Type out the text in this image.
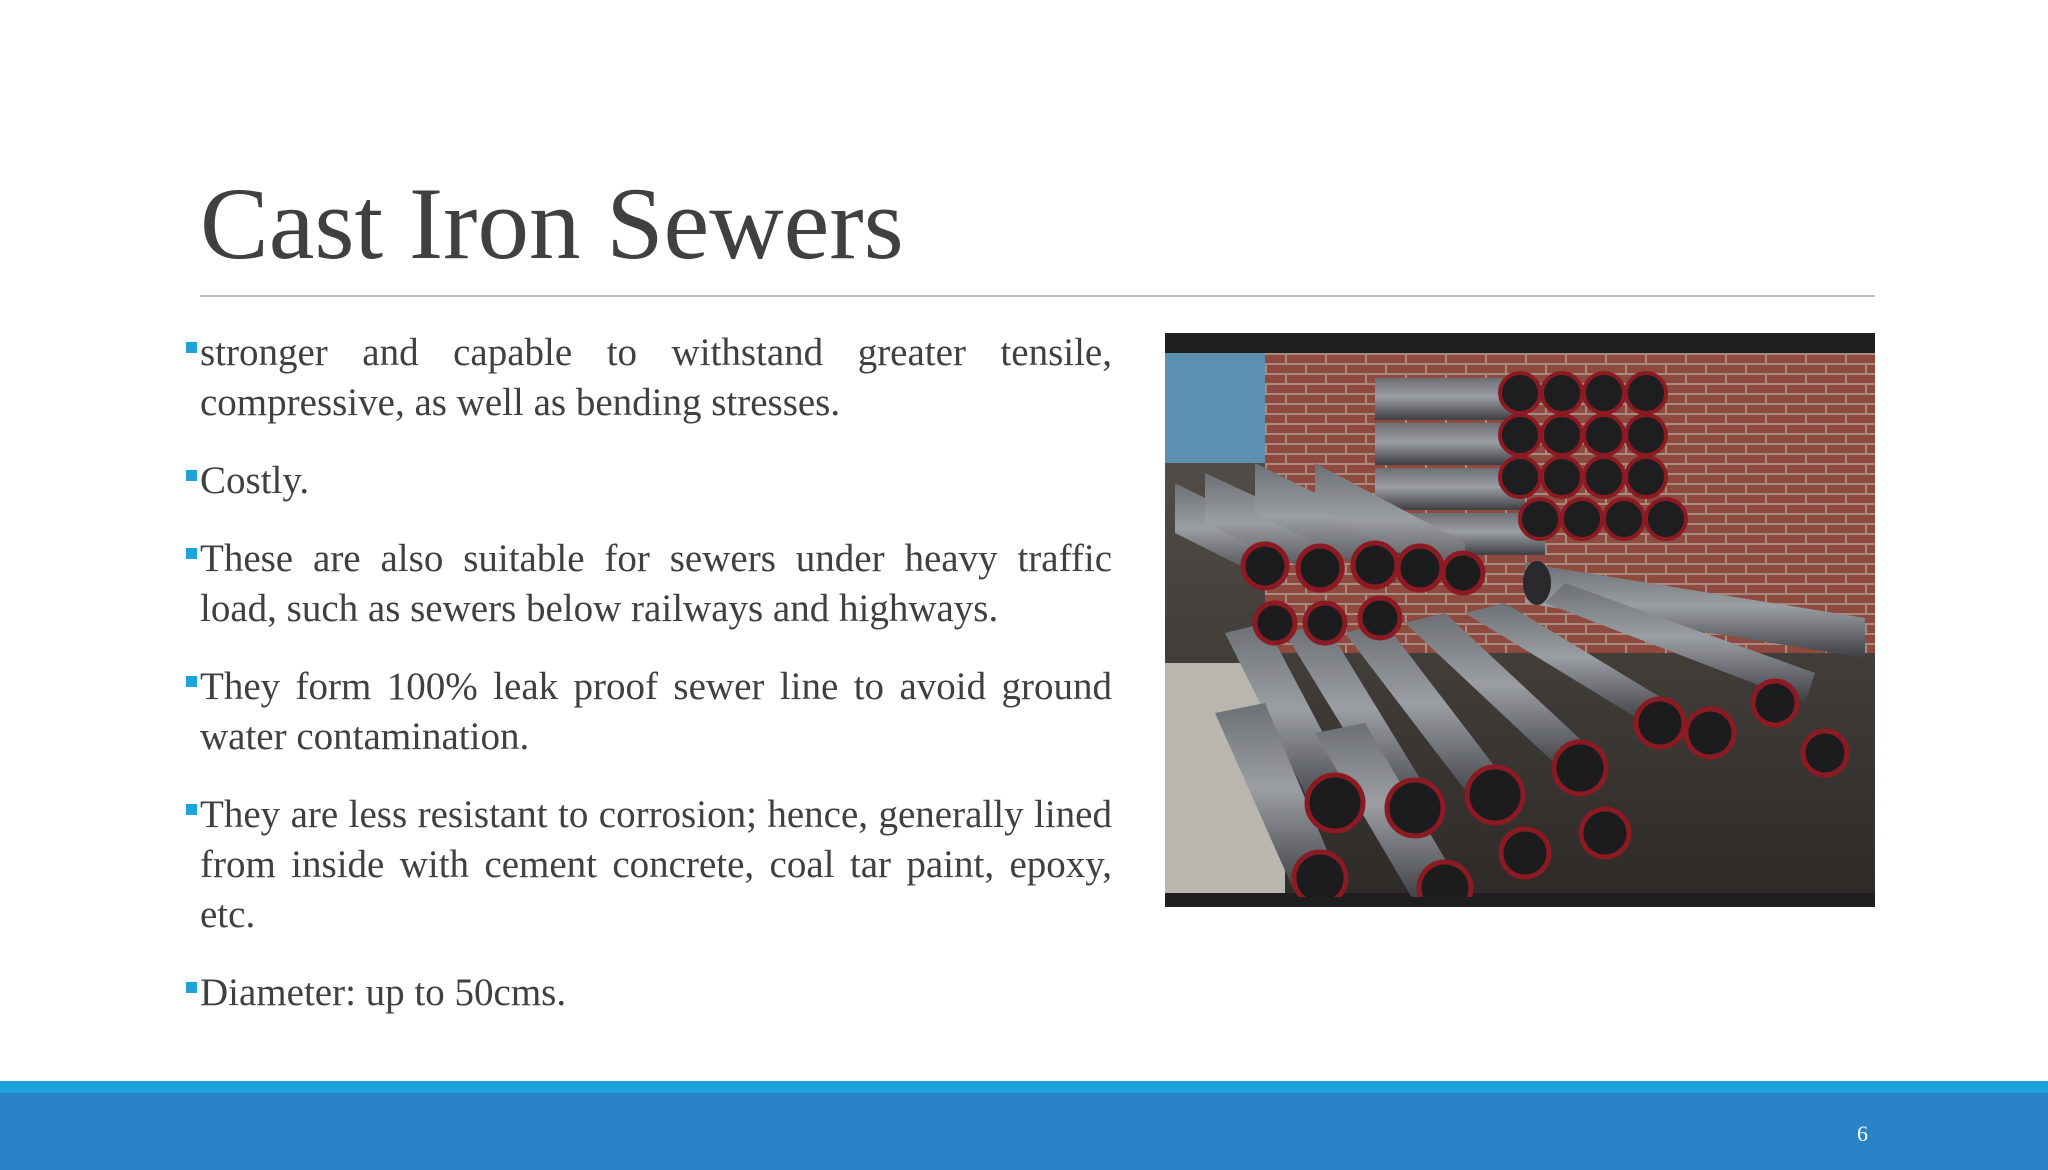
Cast Iron Sewers
stronger and capable to withstand greater tensile, compressive, as well as bending stresses.
Costly.
These are also suitable for sewers under heavy traffic load, such as sewers below railways and highways.
They form 100% leak proof sewer line to avoid ground water contamination.
They are less resistant to corrosion; hence, generally lined from inside with cement concrete, coal tar paint, epoxy, etc.
Diameter: up to 50cms.
6
